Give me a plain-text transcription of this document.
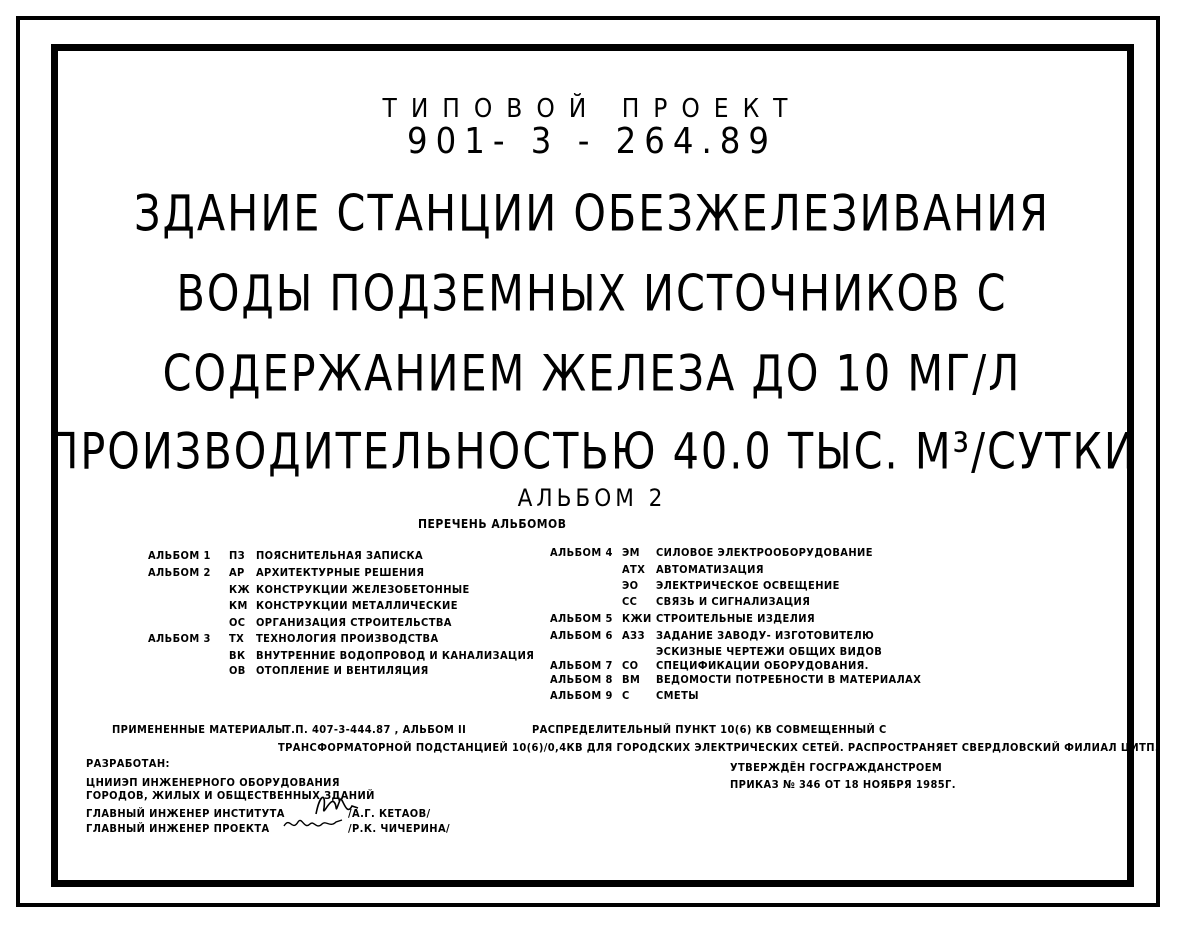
ТИПОВОЙ ПРОЕКТ
901- 3 - 264.89
ЗДАНИЕ СТАНЦИИ ОБЕЗЖЕЛЕЗИВАНИЯ
ВОДЫ ПОДЗЕМНЫХ ИСТОЧНИКОВ С
СОДЕРЖАНИЕМ ЖЕЛЕЗА ДО 10 МГ/Л
ПРОИЗВОДИТЕЛЬНОСТЬЮ 40.0 ТЫС. М³/СУТКИ
АЛЬБОМ 2
ПЕРЕЧЕНЬ АЛЬБОМОВ
АЛЬБОМ 1 ПЗ ПОЯСНИТЕЛЬНАЯ ЗАПИСКА
АЛЬБОМ 2 АР АРХИТЕКТУРНЫЕ РЕШЕНИЯ
КЖ КОНСТРУКЦИИ ЖЕЛЕЗОБЕТОННЫЕ
КМ КОНСТРУКЦИИ МЕТАЛЛИЧЕСКИЕ
ОС ОРГАНИЗАЦИЯ СТРОИТЕЛЬСТВА
АЛЬБОМ 3 ТХ ТЕХНОЛОГИЯ ПРОИЗВОДСТВА
ВК ВНУТРЕННИЕ ВОДОПРОВОД И КАНАЛИЗАЦИЯ
ОВ ОТОПЛЕНИЕ И ВЕНТИЛЯЦИЯ
АЛЬБОМ 4 ЭМ СИЛОВОЕ ЭЛЕКТРООБОРУДОВАНИЕ
АТХ АВТОМАТИЗАЦИЯ
ЭО ЭЛЕКТРИЧЕСКОЕ ОСВЕЩЕНИЕ
СС СВЯЗЬ И СИГНАЛИЗАЦИЯ
АЛЬБОМ 5 КЖИ СТРОИТЕЛЬНЫЕ ИЗДЕЛИЯ
АЛЬБОМ 6 АЗЗ ЗАДАНИЕ ЗАВОДУ- ИЗГОТОВИТЕЛЮ
ЭСКИЗНЫЕ ЧЕРТЕЖИ ОБЩИХ ВИДОВ
АЛЬБОМ 7 СО СПЕЦИФИКАЦИИ ОБОРУДОВАНИЯ.
АЛЬБОМ 8 ВМ ВЕДОМОСТИ ПОТРЕБНОСТИ В МАТЕРИАЛАХ
АЛЬБОМ 9 С СМЕТЫ
ПРИМЕНЕННЫЕ МАТЕРИАЛЫ:
Т.П. 407-3-444.87 , АЛЬБОМ II	РАСПРЕДЕЛИТЕЛЬНЫЙ ПУНКТ 10(6) КВ СОВМЕЩЕННЫЙ С
ТРАНСФОРМАТОРНОЙ ПОДСТАНЦИЕЙ 10(6)/0,4КВ ДЛЯ ГОРОДСКИХ ЭЛЕКТРИЧЕСКИХ СЕТЕЙ. РАСПРОСТРАНЯЕТ СВЕРДЛОВСКИЙ ФИЛИАЛ ЦИТП.
РАЗРАБОТАН:
ЦНИИЭП ИНЖЕНЕРНОГО ОБОРУДОВАНИЯ
ГОРОДОВ, ЖИЛЫХ И ОБЩЕСТВЕННЫХ ЗДАНИЙ
ГЛАВНЫЙ ИНЖЕНЕР ИНСТИТУТА	/А.Г. КЕТАОВ/
ГЛАВНЫЙ ИНЖЕНЕР ПРОЕКТА	/Р.К. ЧИЧЕРИНА/
УТВЕРЖДЁН ГОСГРАЖДАНСТРОЕМ
ПРИКАЗ № 346 ОТ 18 НОЯБРЯ 1985Г.
